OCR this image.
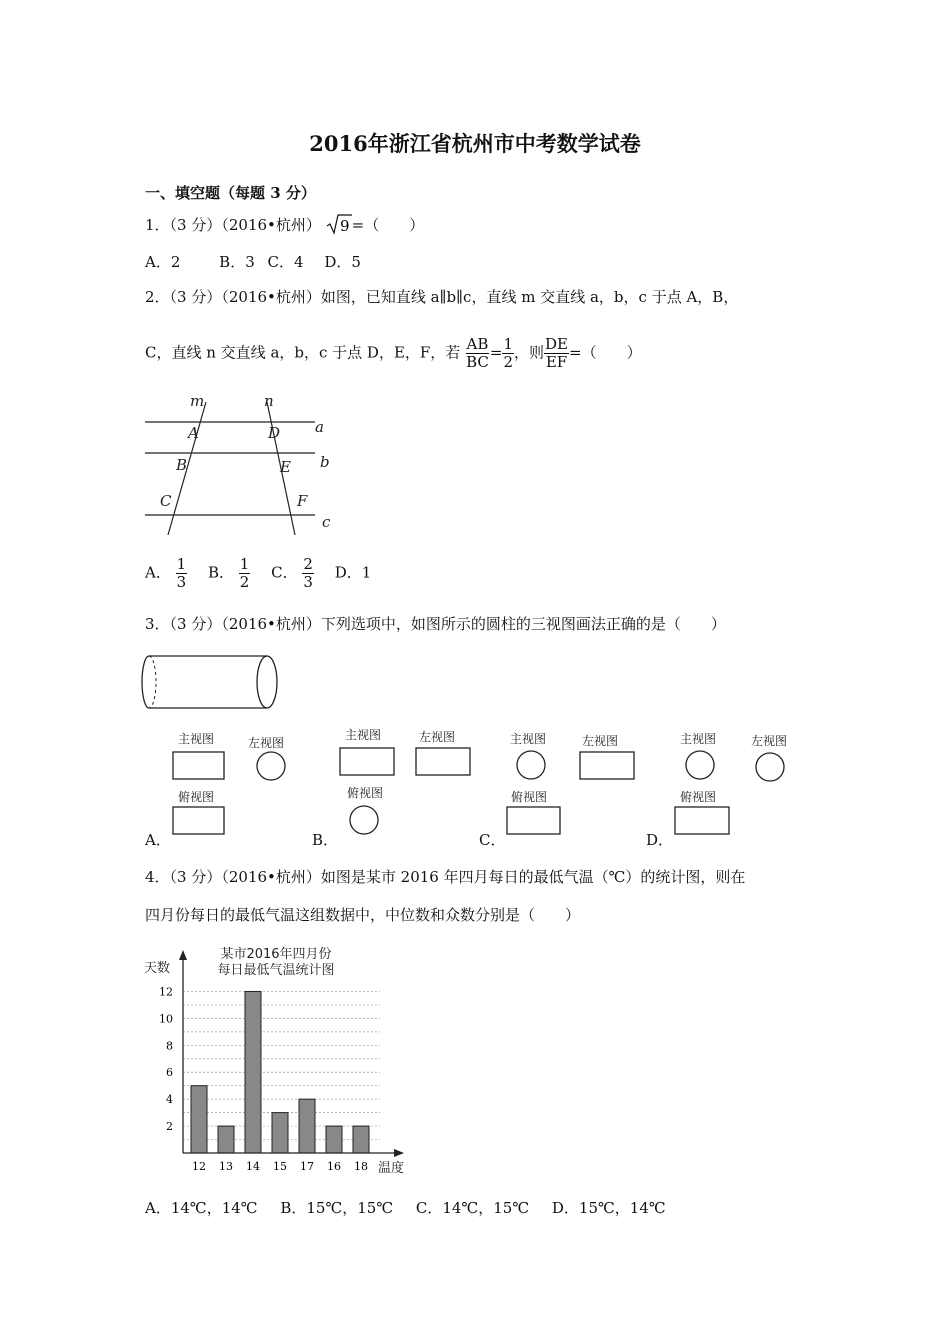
2016年浙江省杭州市中考数学试卷
一、填空题（每题 3 分）
1．（3 分）（2016•杭州） 9 =（　　）
A．2	B．3 C．4 D．5
2．（3 分）（2016•杭州）如图，已知直线 a∥b∥c，直线 m 交直线 a，b，c 于点 A，B，
C，直线 n 交直线 a，b，c 于点 D，E，F，若 $\frac{AB}{BC} = \frac{1}{2}$ ，则 $\frac{DE}{EF}$ =（　　）
m	n
A	D
B	E
C	F
a
b
c
A． $\frac{1}{3}$ B． $\frac{1}{2}$ C． $\frac{2}{3}$ D．1
3．（3 分）（2016•杭州）下列选项中，如图所示的圆柱的三视图画法正确的是（　　）
主视图	左视图
俯视图
主视图	左视图
俯视图
主视图	左视图
俯视图
主视图	左视图
俯视图
A．	B．	C．	D．
4．（3 分）（2016•杭州）如图是某市 2016 年四月每日的最低气温（℃）的统计图，则在
四月份每日的最低气温这组数据中，中位数和众数分别是（　　）
某市2016年四月份
每日最低气温统计图
天数
温度
2
4
6
8
10
12
12 13 14 15 17 16 18
A．14℃，14℃ B．15℃，15℃ C．14℃，15℃ D．15℃，14℃
